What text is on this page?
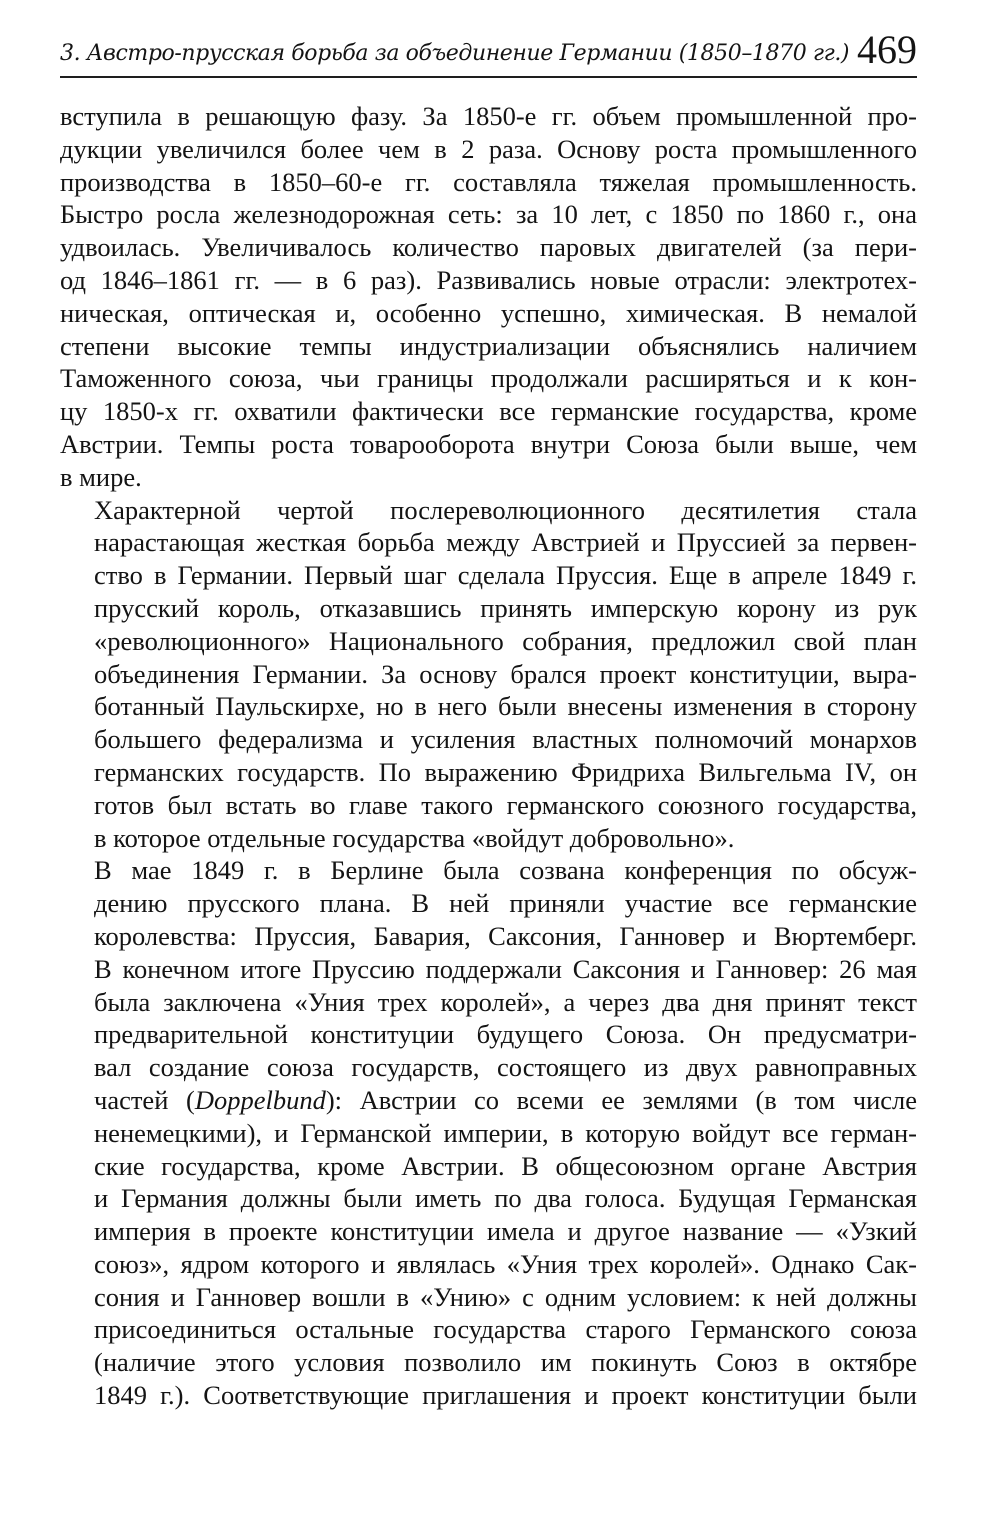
3. Австро-прусская борьба за объединение Германии (1850–1870 гг.) 469

вступила в решающую фазу. За 1850-е гг. объем промышленной про-
дукции увеличился более чем в 2 раза. Основу роста промышленного
производства в 1850–60-е гг. составляла тяжелая промышленность.
Быстро росла железнодорожная сеть: за 10 лет, с 1850 по 1860 г., она
удвоилась. Увеличивалось количество паровых двигателей (за пери-
од 1846–1861 гг. — в 6 раз). Развивались новые отрасли: электротех-
ническая, оптическая и, особенно успешно, химическая. В немалой
степени высокие темпы индустриализации объяснялись наличием
Таможенного союза, чьи границы продолжали расширяться и к кон-
цу 1850-х гг. охватили фактически все германские государства, кроме
Австрии. Темпы роста товарооборота внутри Союза были выше, чем
в мире.

Характерной чертой послереволюционного десятилетия стала
нарастающая жесткая борьба между Австрией и Пруссией за первен-
ство в Германии. Первый шаг сделала Пруссия. Еще в апреле 1849 г.
прусский король, отказавшись принять имперскую корону из рук
«революционного» Национального собрания, предложил свой план
объединения Германии. За основу брался проект конституции, выра-
ботанный Паульскирхе, но в него были внесены изменения в сторону
большего федерализма и усиления властных полномочий монархов
германских государств. По выражению Фридриха Вильгельма IV, он
готов был встать во главе такого германского союзного государства,
в которое отдельные государства «войдут добровольно».

В мае 1849 г. в Берлине была созвана конференция по обсуж-
дению прусского плана. В ней приняли участие все германские
королевства: Пруссия, Бавария, Саксония, Ганновер и Вюртемберг.
В конечном итоге Пруссию поддержали Саксония и Ганновер: 26 мая
была заключена «Уния трех королей», а через два дня принят текст
предварительной конституции будущего Союза. Он предусматри-
вал создание союза государств, состоящего из двух равноправных
частей (Doppelbund): Австрии со всеми ее землями (в том числе
ненемецкими), и Германской империи, в которую войдут все герман-
ские государства, кроме Австрии. В общесоюзном органе Австрия
и Германия должны были иметь по два голоса. Будущая Германская
империя в проекте конституции имела и другое название — «Узкий
союз», ядром которого и являлась «Уния трех королей». Однако Сак-
сония и Ганновер вошли в «Унию» с одним условием: к ней должны
присоединиться остальные государства старого Германского союза
(наличие этого условия позволило им покинуть Союз в октябре
1849 г.). Соответствующие приглашения и проект конституции были
